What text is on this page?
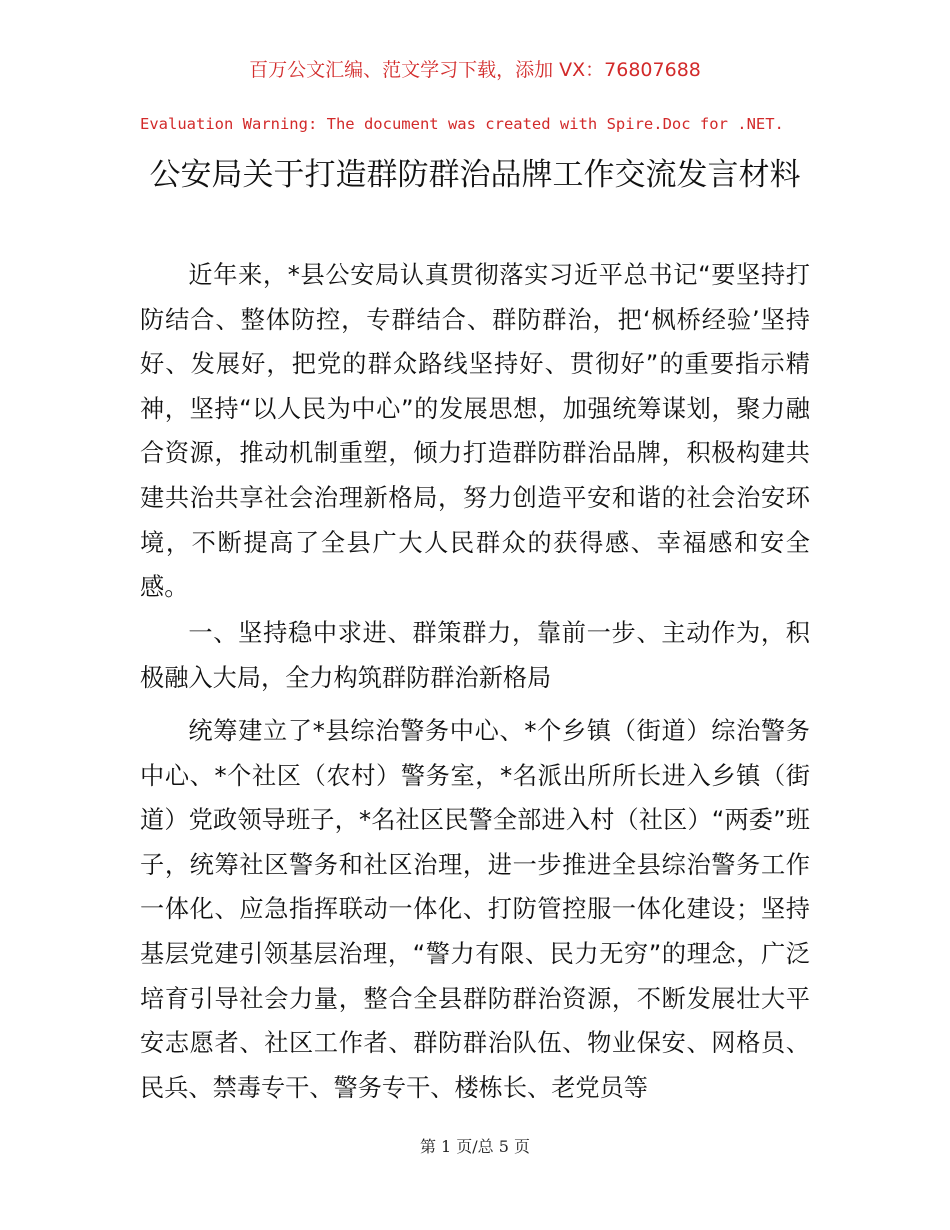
百万公文汇编、范文学习下载，添加 VX：76807688
Evaluation Warning: The document was created with Spire.Doc for .NET.
公安局关于打造群防群治品牌工作交流发言材料

近年来，*县公安局认真贯彻落实习近平总书记“要坚持打防结合、整体防控，专群结合、群防群治，把‘枫桥经验’坚持好、发展好，把党的群众路线坚持好、贯彻好”的重要指示精神，坚持“以人民为中心”的发展思想，加强统筹谋划，聚力融合资源，推动机制重塑，倾力打造群防群治品牌，积极构建共建共治共享社会治理新格局，努力创造平安和谐的社会治安环境，不断提高了全县广大人民群众的获得感、幸福感和安全感。

一、坚持稳中求进、群策群力，靠前一步、主动作为，积极融入大局，全力构筑群防群治新格局

统筹建立了*县综治警务中心、*个乡镇（街道）综治警务中心、*个社区（农村）警务室，*名派出所所长进入乡镇（街道）党政领导班子，*名社区民警全部进入村（社区）“两委”班子，统筹社区警务和社区治理，进一步推进全县综治警务工作一体化、应急指挥联动一体化、打防管控服一体化建设；坚持基层党建引领基层治理，“警力有限、民力无穷”的理念，广泛培育引导社会力量，整合全县群防群治资源，不断发展壮大平安志愿者、社区工作者、群防群治队伍、物业保安、网格员、民兵、禁毒专干、警务专干、楼栋长、老党员等

第 1 页/总 5 页
